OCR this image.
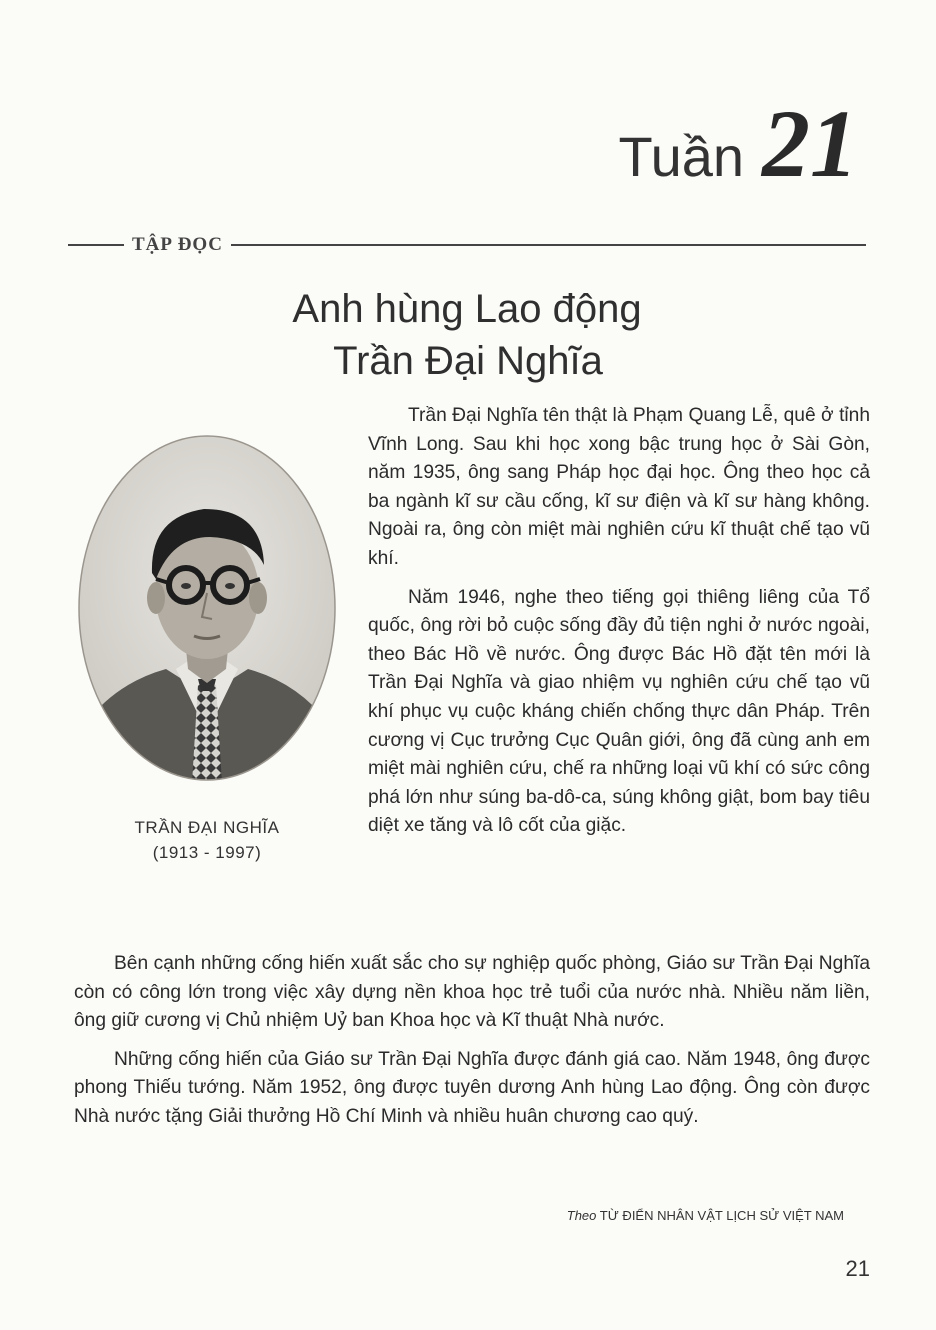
Tuần 21
TẬP ĐỌC
Anh hùng Lao động
Trần Đại Nghĩa
TRẦN ĐẠI NGHĨA
(1913 - 1997)

Trần Đại Nghĩa tên thật là Phạm Quang Lễ, quê ở tỉnh Vĩnh Long. Sau khi học xong bậc trung học ở Sài Gòn, năm 1935, ông sang Pháp học đại học. Ông theo học cả ba ngành kĩ sư cầu cống, kĩ sư điện và kĩ sư hàng không. Ngoài ra, ông còn miệt mài nghiên cứu kĩ thuật chế tạo vũ khí.

Năm 1946, nghe theo tiếng gọi thiêng liêng của Tổ quốc, ông rời bỏ cuộc sống đầy đủ tiện nghi ở nước ngoài, theo Bác Hồ về nước. Ông được Bác Hồ đặt tên mới là Trần Đại Nghĩa và giao nhiệm vụ nghiên cứu chế tạo vũ khí phục vụ cuộc kháng chiến chống thực dân Pháp. Trên cương vị Cục trưởng Cục Quân giới, ông đã cùng anh em miệt mài nghiên cứu, chế ra những loại vũ khí có sức công phá lớn như súng ba-dô-ca, súng không giật, bom bay tiêu diệt xe tăng và lô cốt của giặc.

Bên cạnh những cống hiến xuất sắc cho sự nghiệp quốc phòng, Giáo sư Trần Đại Nghĩa còn có công lớn trong việc xây dựng nền khoa học trẻ tuổi của nước nhà. Nhiều năm liền, ông giữ cương vị Chủ nhiệm Uỷ ban Khoa học và Kĩ thuật Nhà nước.

Những cống hiến của Giáo sư Trần Đại Nghĩa được đánh giá cao. Năm 1948, ông được phong Thiếu tướng. Năm 1952, ông được tuyên dương Anh hùng Lao động. Ông còn được Nhà nước tặng Giải thưởng Hồ Chí Minh và nhiều huân chương cao quý.

Theo TỪ ĐIỂN NHÂN VẬT LỊCH SỬ VIỆT NAM
21
